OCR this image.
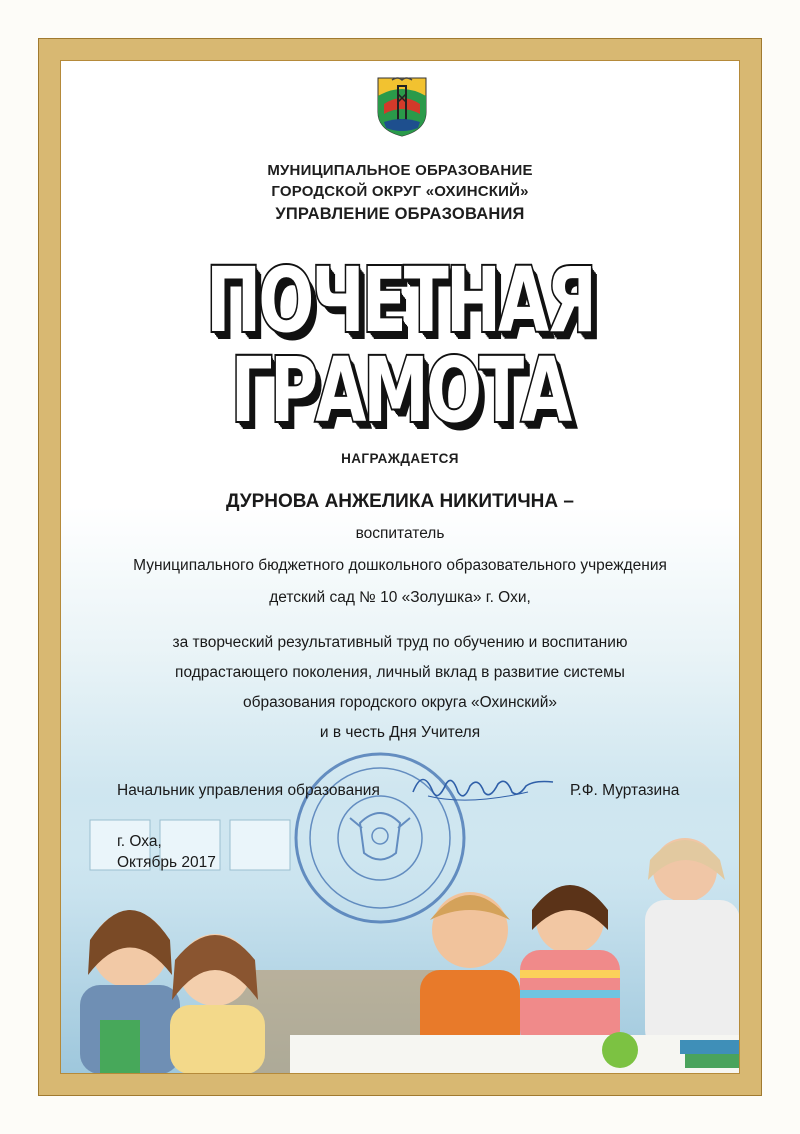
МУНИЦИПАЛЬНОЕ ОБРАЗОВАНИЕ
ГОРОДСКОЙ ОКРУГ «ОХИНСКИЙ»
УПРАВЛЕНИЕ ОБРАЗОВАНИЯ
ПОЧЕТНАЯ
ГРАМОТА
НАГРАЖДАЕТСЯ
ДУРНОВА АНЖЕЛИКА НИКИТИЧНА –
воспитатель
Муниципального бюджетного дошкольного образовательного учреждения
детский сад № 10 «Золушка» г. Охи,
за творческий результативный труд по обучению и воспитанию
подрастающего поколения, личный вклад в развитие системы
образования городского округа «Охинский»
и в честь Дня Учителя
Начальник управления образования	Р.Ф. Муртазина
г. Оха,
Октябрь 2017
